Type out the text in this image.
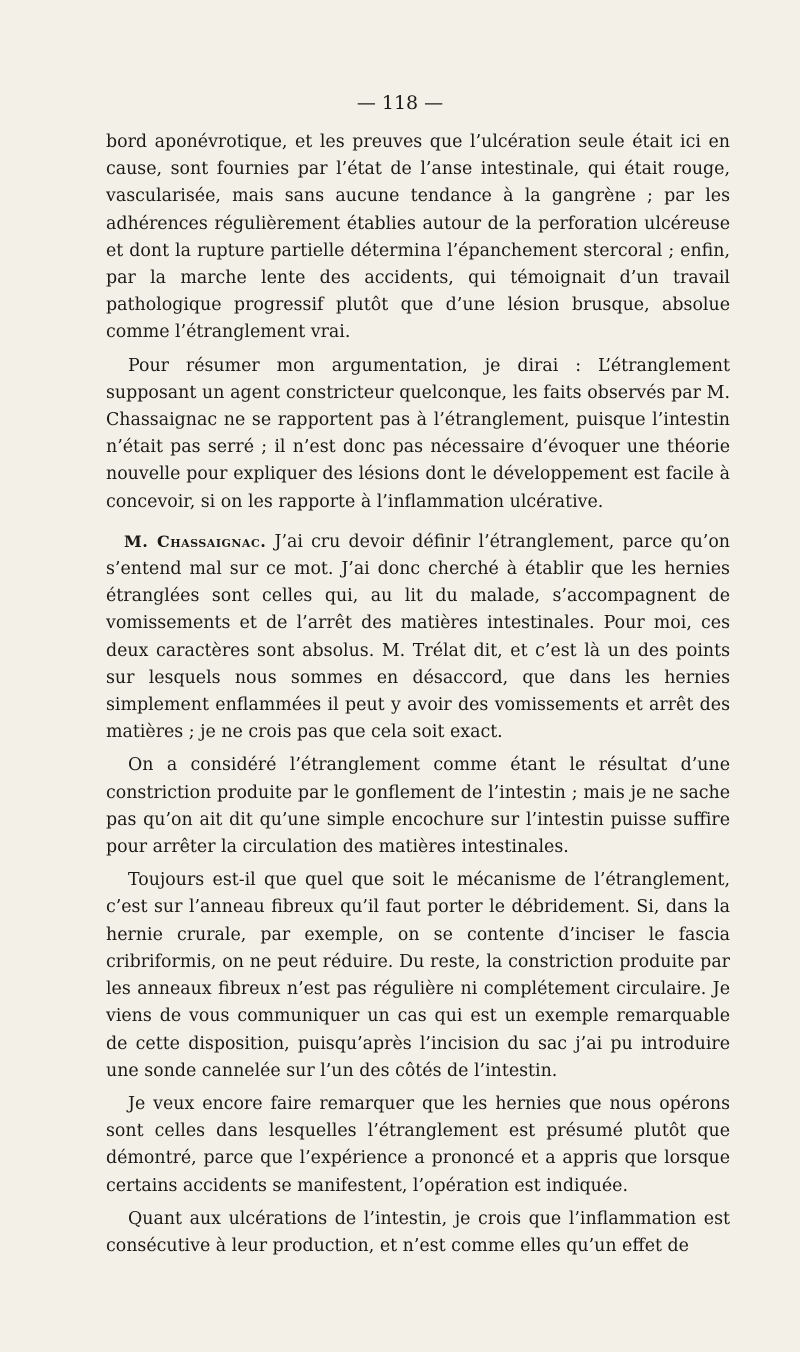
— 118 —

bord aponévrotique, et les preuves que l’ulcération seule était ici en cause, sont fournies par l’état de l’anse intestinale, qui était rouge, vascularisée, mais sans aucune tendance à la gangrène ; par les adhérences régulièrement établies autour de la perforation ulcéreuse et dont la rupture partielle détermina l’épanchement stercoral ; enfin, par la marche lente des accidents, qui témoignait d’un travail pathologique progressif plutôt que d’une lésion brusque, absolue comme l’étranglement vrai.

Pour résumer mon argumentation, je dirai : L’étranglement supposant un agent constricteur quelconque, les faits observés par M. Chassaignac ne se rapportent pas à l’étranglement, puisque l’intestin n’était pas serré ; il n’est donc pas nécessaire d’évoquer une théorie nouvelle pour expliquer des lésions dont le développement est facile à concevoir, si on les rapporte à l’inflammation ulcérative.

M. Chassaignac. J’ai cru devoir définir l’étranglement, parce qu’on s’entend mal sur ce mot. J’ai donc cherché à établir que les hernies étranglées sont celles qui, au lit du malade, s’accompagnent de vomissements et de l’arrêt des matières intestinales. Pour moi, ces deux caractères sont absolus. M. Trélat dit, et c’est là un des points sur lesquels nous sommes en désaccord, que dans les hernies simplement enflammées il peut y avoir des vomissements et arrêt des matières ; je ne crois pas que cela soit exact.

On a considéré l’étranglement comme étant le résultat d’une constriction produite par le gonflement de l’intestin ; mais je ne sache pas qu’on ait dit qu’une simple encochure sur l’intestin puisse suffire pour arrêter la circulation des matières intestinales.

Toujours est-il que quel que soit le mécanisme de l’étranglement, c’est sur l’anneau fibreux qu’il faut porter le débridement. Si, dans la hernie crurale, par exemple, on se contente d’inciser le fascia cribriformis, on ne peut réduire. Du reste, la constriction produite par les anneaux fibreux n’est pas régulière ni complétement circulaire. Je viens de vous communiquer un cas qui est un exemple remarquable de cette disposition, puisqu’après l’incision du sac j’ai pu introduire une sonde cannelée sur l’un des côtés de l’intestin.

Je veux encore faire remarquer que les hernies que nous opérons sont celles dans lesquelles l’étranglement est présumé plutôt que démontré, parce que l’expérience a prononcé et a appris que lorsque certains accidents se manifestent, l’opération est indiquée.

Quant aux ulcérations de l’intestin, je crois que l’inflammation est consécutive à leur production, et n’est comme elles qu’un effet de
